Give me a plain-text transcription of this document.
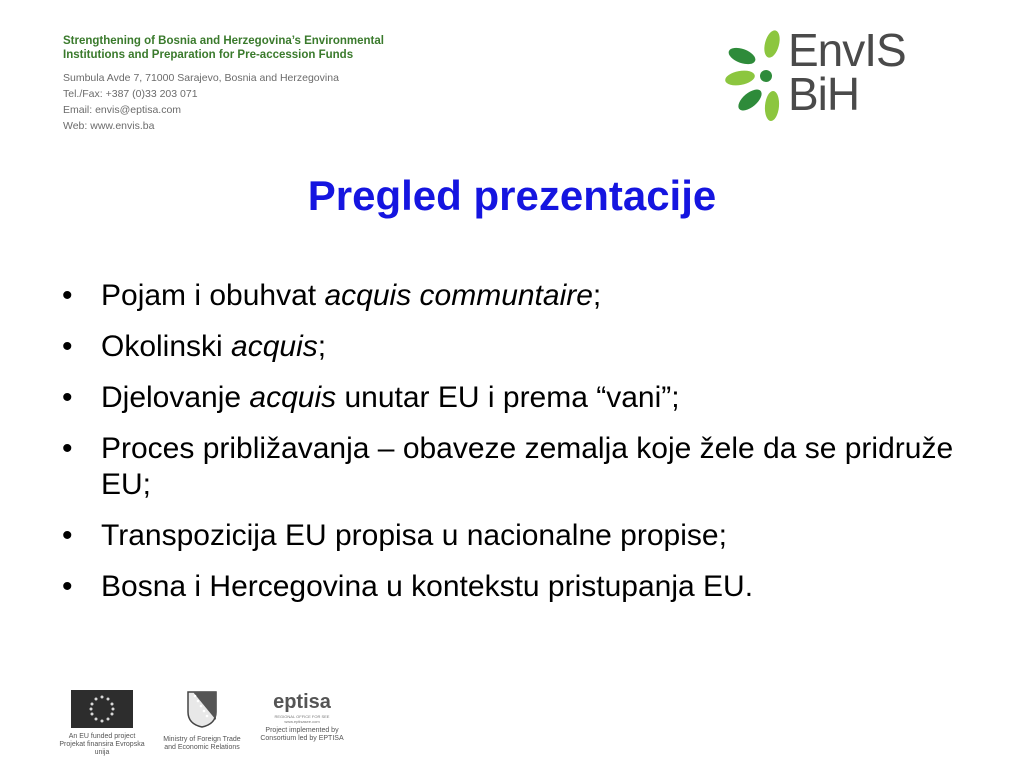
Strengthening of Bosnia and Herzegovina’s Environmental
Institutions and Preparation for Pre-accession Funds
Sumbula Avde 7, 71000 Sarajevo, Bosnia and Herzegovina
Tel./Fax: +387 (0)33 203 071
Email: envis@eptisa.com
Web: www.envis.ba
EnvIS
BiH
Pregled prezentacije
• Pojam i obuhvat acquis communtaire;
• Okolinski acquis;
• Djelovanje acquis unutar EU i prema “vani”;
• Proces približavanja – obaveze zemalja koje žele da se pridruže EU;
• Transpozicija EU propisa u nacionalne propise;
• Bosna i Hercegovina u kontekstu pristupanja EU.
An EU funded project
Projekat finansira Evropska unija
Ministry of Foreign Trade
and Economic Relations
eptisa
REGIONAL OFFICE FOR SEE
www.eptisasee.com
Project implemented by
Consortium led by EPTISA
